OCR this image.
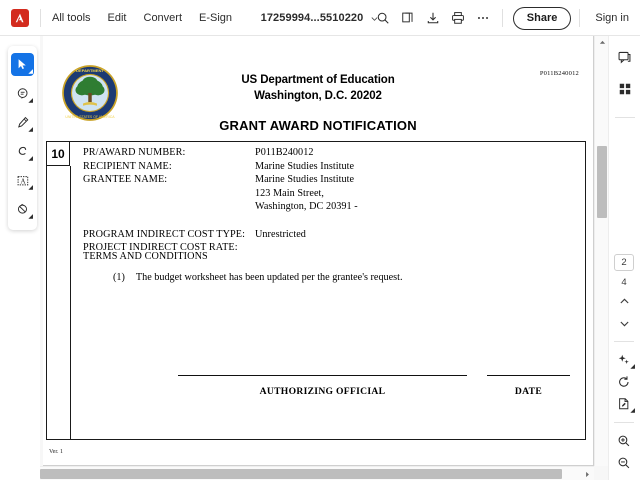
All tools Edit Convert E-Sign	17259994...5510220	Share	Sign in
◢
◢
◢
◢
A
◢
◢
DEPARTMENT
UNITED STATES OF AMERICA
P011B240012
US Department of Education
Washington, D.C. 20202
GRANT AWARD NOTIFICATION
10	PR/AWARD NUMBER:	P011B240012
RECIPIENT NAME:	Marine Studies Institute
GRANTEE NAME:	Marine Studies Institute
123 Main Street,
Washington, DC 20391 -
PROGRAM INDIRECT COST TYPE: Unrestricted
PROJECT INDIRECT COST RATE:
TERMS AND CONDITIONS
(1) The budget worksheet has been updated per the grantee's request.
AUTHORIZING OFFICIAL	DATE
Ver. 1
2
4
◢
◢
